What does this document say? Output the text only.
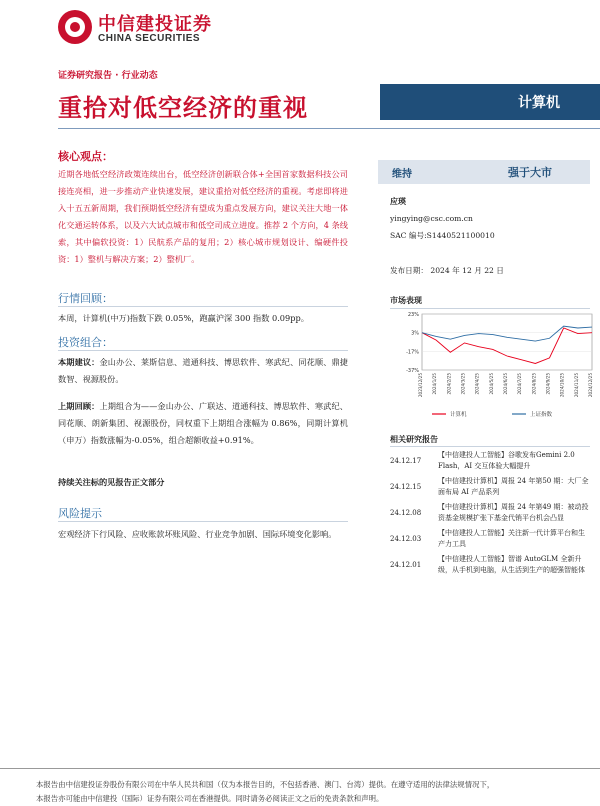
中信建投证券
CHINA SECURITIES
证券研究报告 · 行业动态
重拾对低空经济的重视	计算机
核心观点：
近期各地低空经济政策连续出台，低空经济创新联合体+全国首家数据科技公司接连亮相，进一步推动产业快速发展，建议重拾对低空经济的重视。考虑即将进入十五五新周期，我们预期低空经济有望成为重点发展方向，建议关注大地一体化交通运转体系，以及六大试点城市和低空司成立进度。推荐 2 个方向，4 条线索，其中偏软投资：1）民航系产品的复用；2）核心城市规划设计、编硬件投资：1）整机与解决方案；2）整机厂。
行情回顾：
本周，计算机(中万)指数下跌 0.05%，跑赢沪深 300 指数 0.09pp。
投资组合：
本期建议：金山办公、莱斯信息、道通科技、博思软件、寒武纪、同花顺、鼎捷数智、视源股份。
上期回顾：上期组合为——金山办公、广联达、道通科技、博思软件、寒武纪、同花顺、朗新集团、视源股份，同权重下上期组合涨幅为 0.86%，同期计算机（申万）指数涨幅为-0.05%，组合超额收益+0.91%。
持续关注标的见报告正文部分
风险提示
宏观经济下行风险、应收账款坏账风险、行业竞争加剧、国际环境变化影响。
维持	强于大市
应瑛
yingying@csc.com.cn
SAC 编号:S1440521100010
发布日期： 2024 年 12 月 22 日
市场表现
23%
3%
-17%
-37%
2023/12/25 2024/1/25 2024/2/25 2024/3/25 2024/4/25 2024/5/25 2024/6/25 2024/7/25 2024/8/25 2024/9/25 2024/10/25 2024/11/25 2024/12/25
计算机	上证指数
相关研究报告
24.12.17
【中信建投人工智能】谷歌发布Gemini 2.0 Flash，AI 交互体验大幅提升
24.12.15
【中信建投计算机】周报 24 年第50 期：大厂全面布局 AI 产品系列
24.12.08
【中信建投计算机】周报 24 年第49 期：被动投资基金规模扩张下基金代销平台机会凸显
24.12.03
【中信建投人工智能】关注新一代计算平台和生产力工具
24.12.01
【中信建投人工智能】智谱 AutoGLM 全新升级，从手机到电脑，从生活到生产的超强智能体
本报告由中信建投证券股份有限公司在中华人民共和国（仅为本报告目的，不包括香港、澳门、台湾）提供。在遵守适用的法律法规情况下，
本报告亦可能由中信建投（国际）证券有限公司在香港提供。同时请务必阅读正文之后的免责条款和声明。
